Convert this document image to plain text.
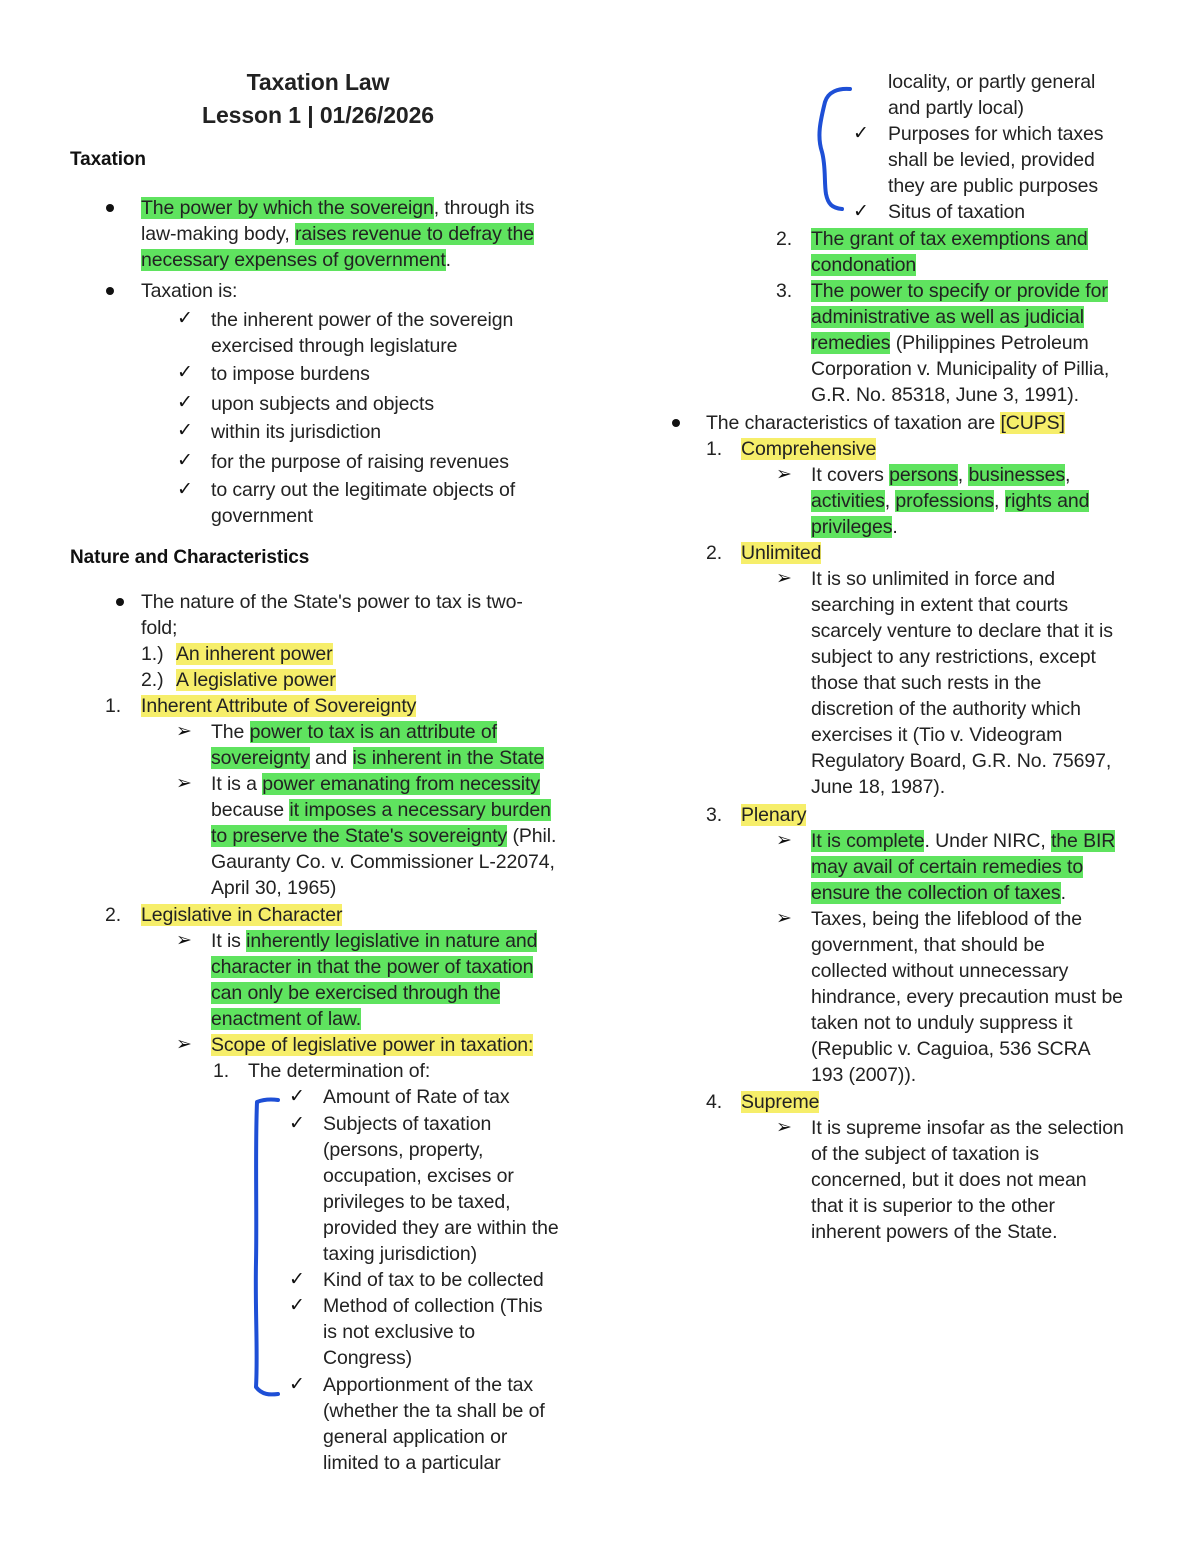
Taxation Law
Lesson 1 | 01/26/2026
Taxation
The power by which the sovereign, through its
law-making body, raises revenue to defray the
necessary expenses of government.
Taxation is:
✓ the inherent power of the sovereign
exercised through legislature
✓ to impose burdens
✓ upon subjects and objects
✓ within its jurisdiction
✓ for the purpose of raising revenues
✓ to carry out the legitimate objects of
government
Nature and Characteristics
The nature of the State's power to tax is two-
fold;
1.) An inherent power
2.) A legislative power
1. Inherent Attribute of Sovereignty
➢ The power to tax is an attribute of
sovereignty and is inherent in the State
➢ It is a power emanating from necessity
because it imposes a necessary burden
to preserve the State's sovereignty (Phil.
Gauranty Co. v. Commissioner L-22074,
April 30, 1965)
2. Legislative in Character
➢ It is inherently legislative in nature and
character in that the power of taxation
can only be exercised through the
enactment of law.
➢ Scope of legislative power in taxation:
1. The determination of:
✓ Amount of Rate of tax
✓ Subjects of taxation
(persons, property,
occupation, excises or
privileges to be taxed,
provided they are within the
taxing jurisdiction)
✓ Kind of tax to be collected
✓ Method of collection (This
is not exclusive to
Congress)
✓ Apportionment of the tax
(whether the ta shall be of
general application or
limited to a particular
locality, or partly general
and partly local)
✓ Purposes for which taxes
shall be levied, provided
they are public purposes
✓ Situs of taxation
2. The grant of tax exemptions and
condonation
3. The power to specify or provide for
administrative as well as judicial
remedies (Philippines Petroleum
Corporation v. Municipality of Pillia,
G.R. No. 85318, June 3, 1991).
The characteristics of taxation are [CUPS]
1. Comprehensive
➢ It covers persons, businesses,
activities, professions, rights and
privileges.
2. Unlimited
➢ It is so unlimited in force and
searching in extent that courts
scarcely venture to declare that it is
subject to any restrictions, except
those that such rests in the
discretion of the authority which
exercises it (Tio v. Videogram
Regulatory Board, G.R. No. 75697,
June 18, 1987).
3. Plenary
➢ It is complete. Under NIRC, the BIR
may avail of certain remedies to
ensure the collection of taxes.
➢ Taxes, being the lifeblood of the
government, that should be
collected without unnecessary
hindrance, every precaution must be
taken not to unduly suppress it
(Republic v. Caguioa, 536 SCRA
193 (2007)).
4. Supreme
➢ It is supreme insofar as the selection
of the subject of taxation is
concerned, but it does not mean
that it is superior to the other
inherent powers of the State.
